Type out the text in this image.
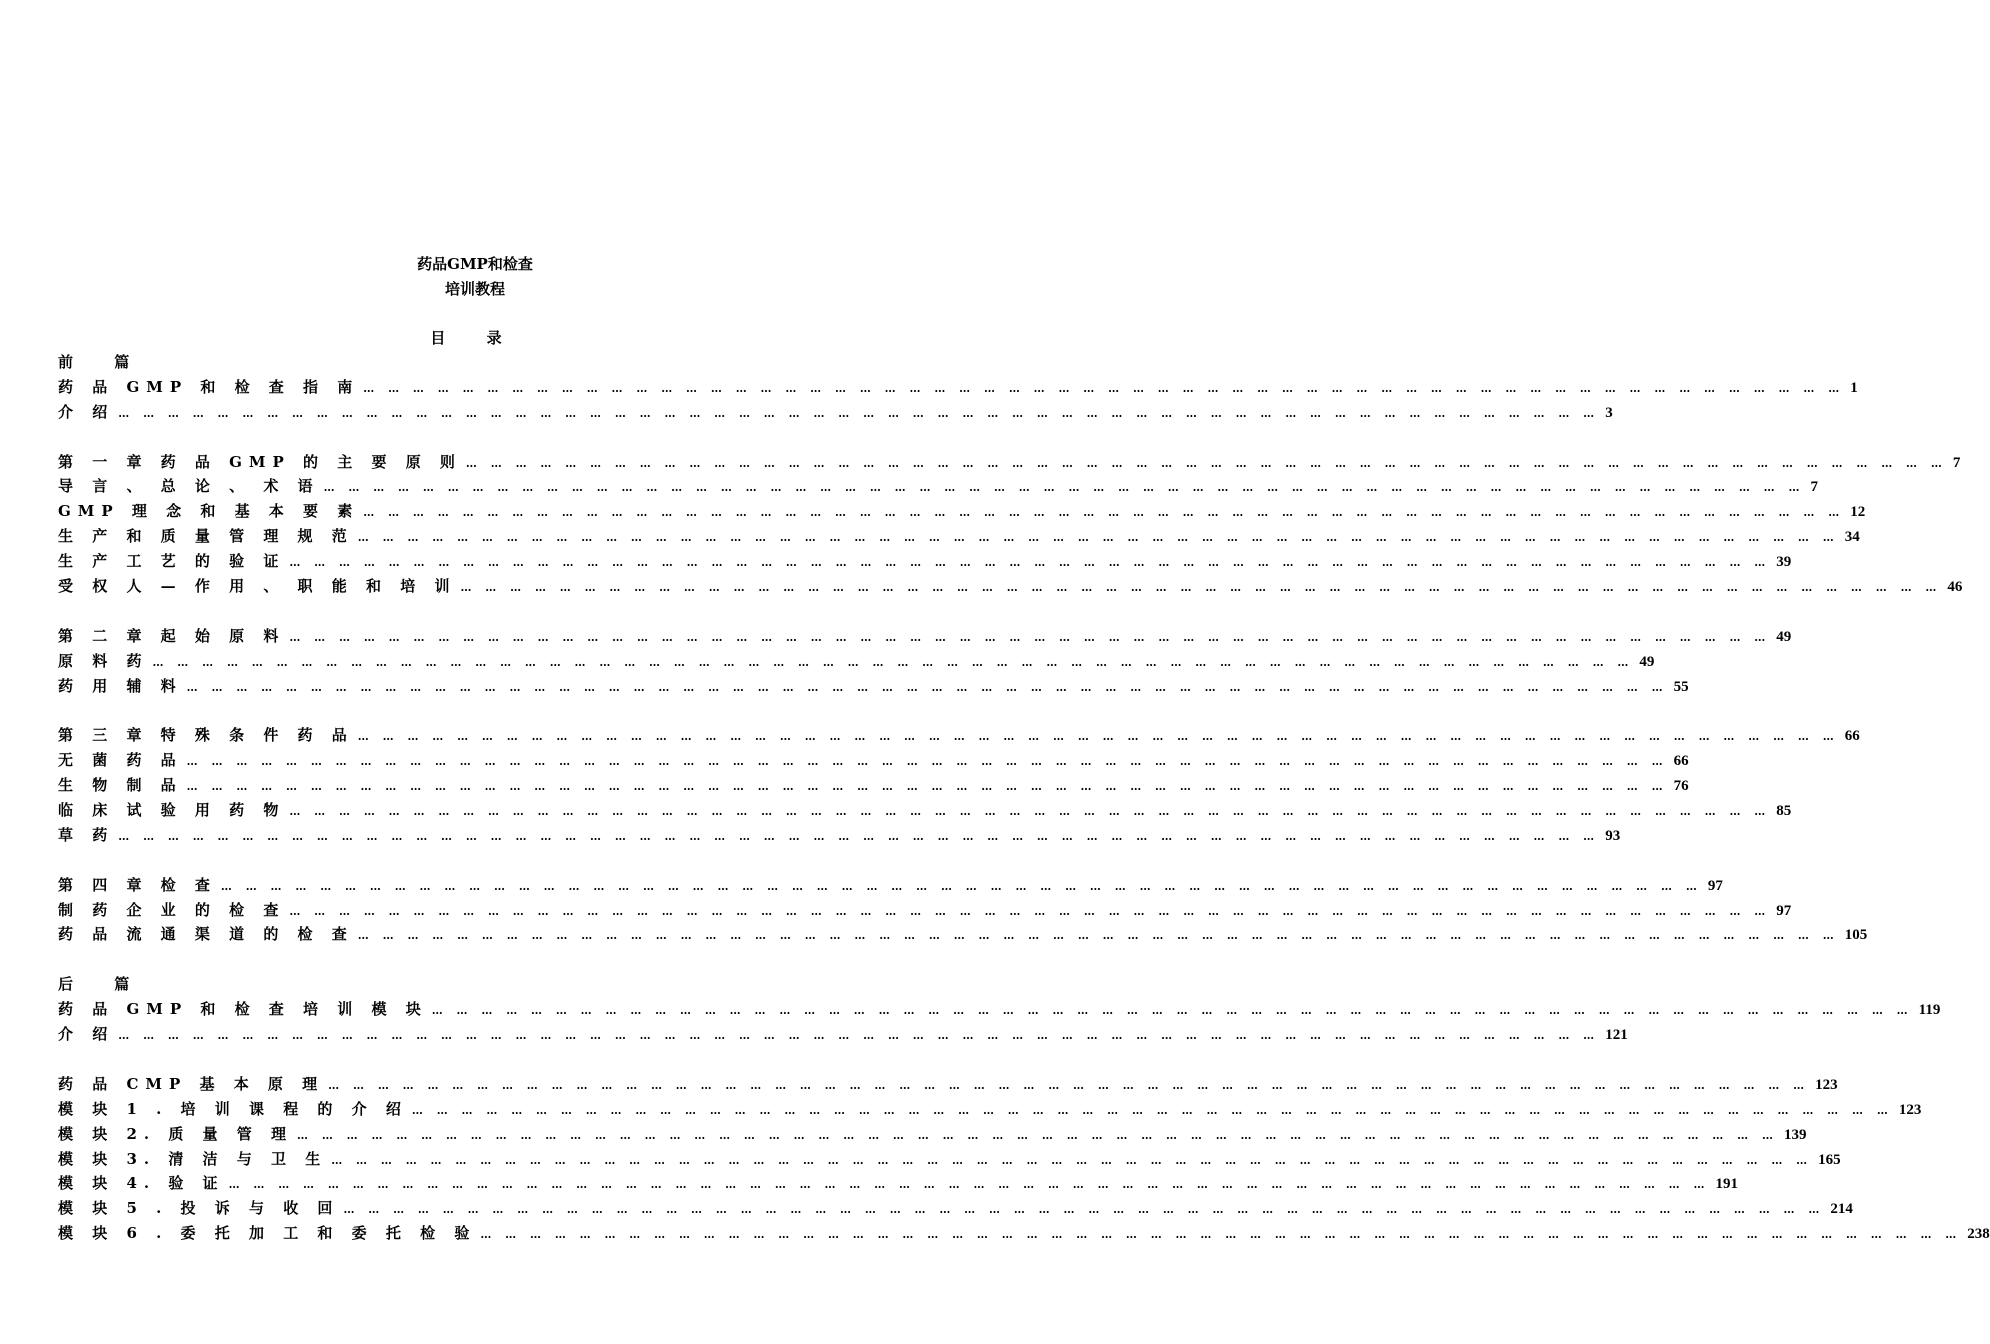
药品GMP和检查
培训教程
目 录
前 篇
药 品 GMP 和 检 查 指 南 … … … … … … … … … … … … … … … … … … … … … … … … … … … … … … … … … … … … … … … … … … … … … … … … … … … … … … … … … … … … 1
介 绍 … … … … … … … … … … … … … … … … … … … … … … … … … … … … … … … … … … … … … … … … … … … … … … … … … … … … … … … … … … … … 3
第 一 章 药 品 GMP 的 主 要 原 则 … … … … … … … … … … … … … … … … … … … … … … … … … … … … … … … … … … … … … … … … … … … … … … … … … … … … … … … … … … … … 7
导 言 、 总 论 、 术 语 … … … … … … … … … … … … … … … … … … … … … … … … … … … … … … … … … … … … … … … … … … … … … … … … … … … … … … … … … … … … 7
GMP 理 念 和 基 本 要 素 … … … … … … … … … … … … … … … … … … … … … … … … … … … … … … … … … … … … … … … … … … … … … … … … … … … … … … … … … … … … 12
生 产 和 质 量 管 理 规 范 … … … … … … … … … … … … … … … … … … … … … … … … … … … … … … … … … … … … … … … … … … … … … … … … … … … … … … … … … … … … 34
生 产 工 艺 的 验 证 … … … … … … … … … … … … … … … … … … … … … … … … … … … … … … … … … … … … … … … … … … … … … … … … … … … … … … … … … … … … 39
受 权 人 — 作 用 、 职 能 和 培 训 … … … … … … … … … … … … … … … … … … … … … … … … … … … … … … … … … … … … … … … … … … … … … … … … … … … … … … … … … … … … 46
第 二 章 起 始 原 料 … … … … … … … … … … … … … … … … … … … … … … … … … … … … … … … … … … … … … … … … … … … … … … … … … … … … … … … … … … … … 49
原 料 药 … … … … … … … … … … … … … … … … … … … … … … … … … … … … … … … … … … … … … … … … … … … … … … … … … … … … … … … … … … … … 49
药 用 辅 料 … … … … … … … … … … … … … … … … … … … … … … … … … … … … … … … … … … … … … … … … … … … … … … … … … … … … … … … … … … … … 55
第 三 章 特 殊 条 件 药 品 … … … … … … … … … … … … … … … … … … … … … … … … … … … … … … … … … … … … … … … … … … … … … … … … … … … … … … … … … … … … 66
无 菌 药 品 … … … … … … … … … … … … … … … … … … … … … … … … … … … … … … … … … … … … … … … … … … … … … … … … … … … … … … … … … … … … 66
生 物 制 品 … … … … … … … … … … … … … … … … … … … … … … … … … … … … … … … … … … … … … … … … … … … … … … … … … … … … … … … … … … … … 76
临 床 试 验 用 药 物 … … … … … … … … … … … … … … … … … … … … … … … … … … … … … … … … … … … … … … … … … … … … … … … … … … … … … … … … … … … … 85
草 药 … … … … … … … … … … … … … … … … … … … … … … … … … … … … … … … … … … … … … … … … … … … … … … … … … … … … … … … … … … … … 93
第 四 章 检 查 … … … … … … … … … … … … … … … … … … … … … … … … … … … … … … … … … … … … … … … … … … … … … … … … … … … … … … … … … … … … 97
制 药 企 业 的 检 查 … … … … … … … … … … … … … … … … … … … … … … … … … … … … … … … … … … … … … … … … … … … … … … … … … … … … … … … … … … … … 97
药 品 流 通 渠 道 的 检 查 … … … … … … … … … … … … … … … … … … … … … … … … … … … … … … … … … … … … … … … … … … … … … … … … … … … … … … … … … … … … 105
后 篇
药 品 GMP 和 检 查 培 训 模 块 … … … … … … … … … … … … … … … … … … … … … … … … … … … … … … … … … … … … … … … … … … … … … … … … … … … … … … … … … … … … 119
介 绍 … … … … … … … … … … … … … … … … … … … … … … … … … … … … … … … … … … … … … … … … … … … … … … … … … … … … … … … … … … … … 121
药 品 CMP 基 本 原 理 … … … … … … … … … … … … … … … … … … … … … … … … … … … … … … … … … … … … … … … … … … … … … … … … … … … … … … … … … … … … 123
模 块 1 . 培 训 课 程 的 介 绍 … … … … … … … … … … … … … … … … … … … … … … … … … … … … … … … … … … … … … … … … … … … … … … … … … … … … … … … … … … … … 123
模 块 2. 质 量 管 理 … … … … … … … … … … … … … … … … … … … … … … … … … … … … … … … … … … … … … … … … … … … … … … … … … … … … … … … … … … … … 139
模 块 3. 清 洁 与 卫 生 … … … … … … … … … … … … … … … … … … … … … … … … … … … … … … … … … … … … … … … … … … … … … … … … … … … … … … … … … … … … 165
模 块 4. 验 证 … … … … … … … … … … … … … … … … … … … … … … … … … … … … … … … … … … … … … … … … … … … … … … … … … … … … … … … … … … … … 191
模 块 5 . 投 诉 与 收 回 … … … … … … … … … … … … … … … … … … … … … … … … … … … … … … … … … … … … … … … … … … … … … … … … … … … … … … … … … … … … 214
模 块 6 . 委 托 加 工 和 委 托 检 验 … … … … … … … … … … … … … … … … … … … … … … … … … … … … … … … … … … … … … … … … … … … … … … … … … … … … … … … … … … … … 238
